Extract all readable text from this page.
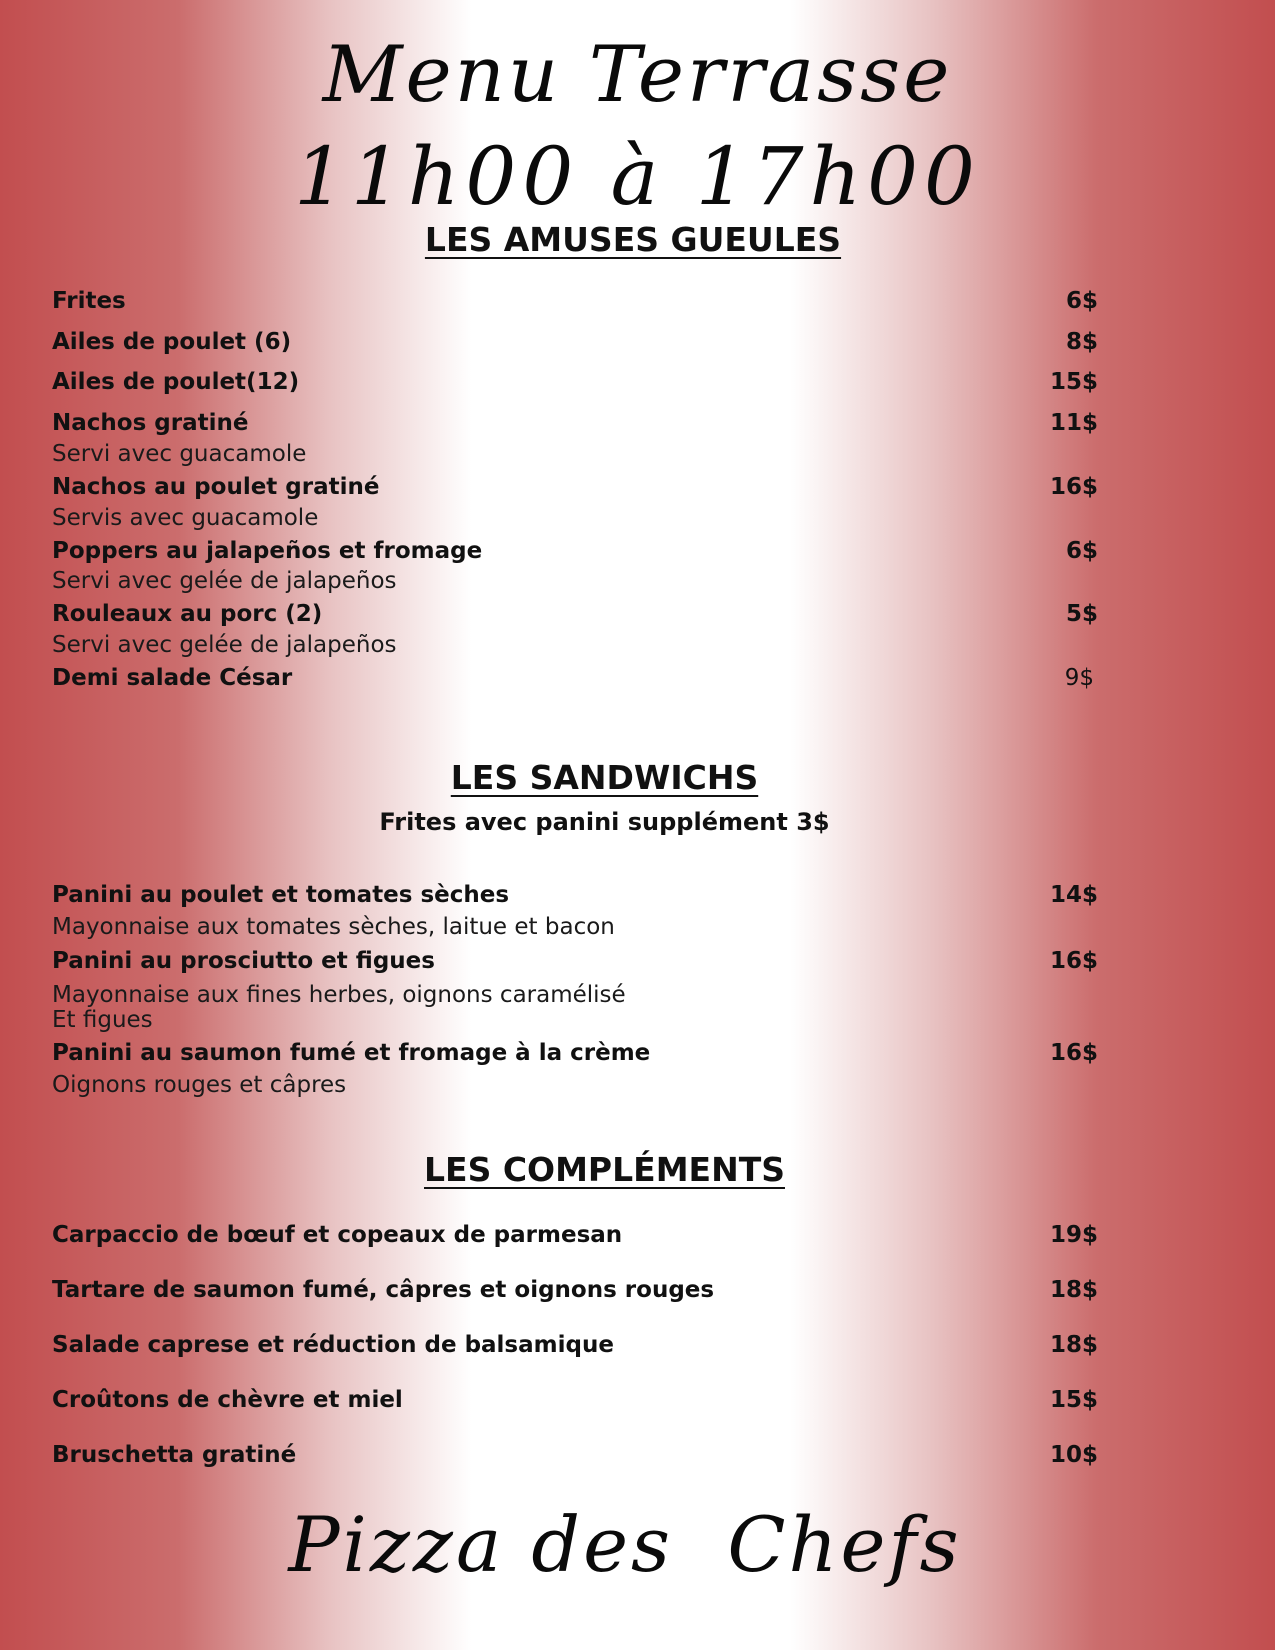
Menu Terrasse
11h00 à 17h00
LES AMUSES GUEULES
Frites	6$
Ailes de poulet (6)	8$
Ailes de poulet(12)	15$
Nachos gratiné	11$
Servi avec guacamole
Nachos au poulet gratiné	16$
Servis avec guacamole
Poppers au jalapeños et fromage	6$
Servi avec gelée de jalapeños
Rouleaux au porc (2)	5$
Servi avec gelée de jalapeños
Demi salade César	9$
LES SANDWICHS
Frites avec panini supplément 3$
Panini au poulet et tomates sèches	14$
Mayonnaise aux tomates sèches, laitue et bacon
Panini au prosciutto et figues	16$
Mayonnaise aux fines herbes, oignons caramélisé
Et figues
Panini au saumon fumé et fromage à la crème	16$
Oignons rouges et câpres
LES COMPLÉMENTS
Carpaccio de bœuf et copeaux de parmesan	19$
Tartare de saumon fumé, câpres et oignons rouges	18$
Salade caprese et réduction de balsamique	18$
Croûtons de chèvre et miel	15$
Bruschetta gratiné	10$
Pizza des  Chefs
